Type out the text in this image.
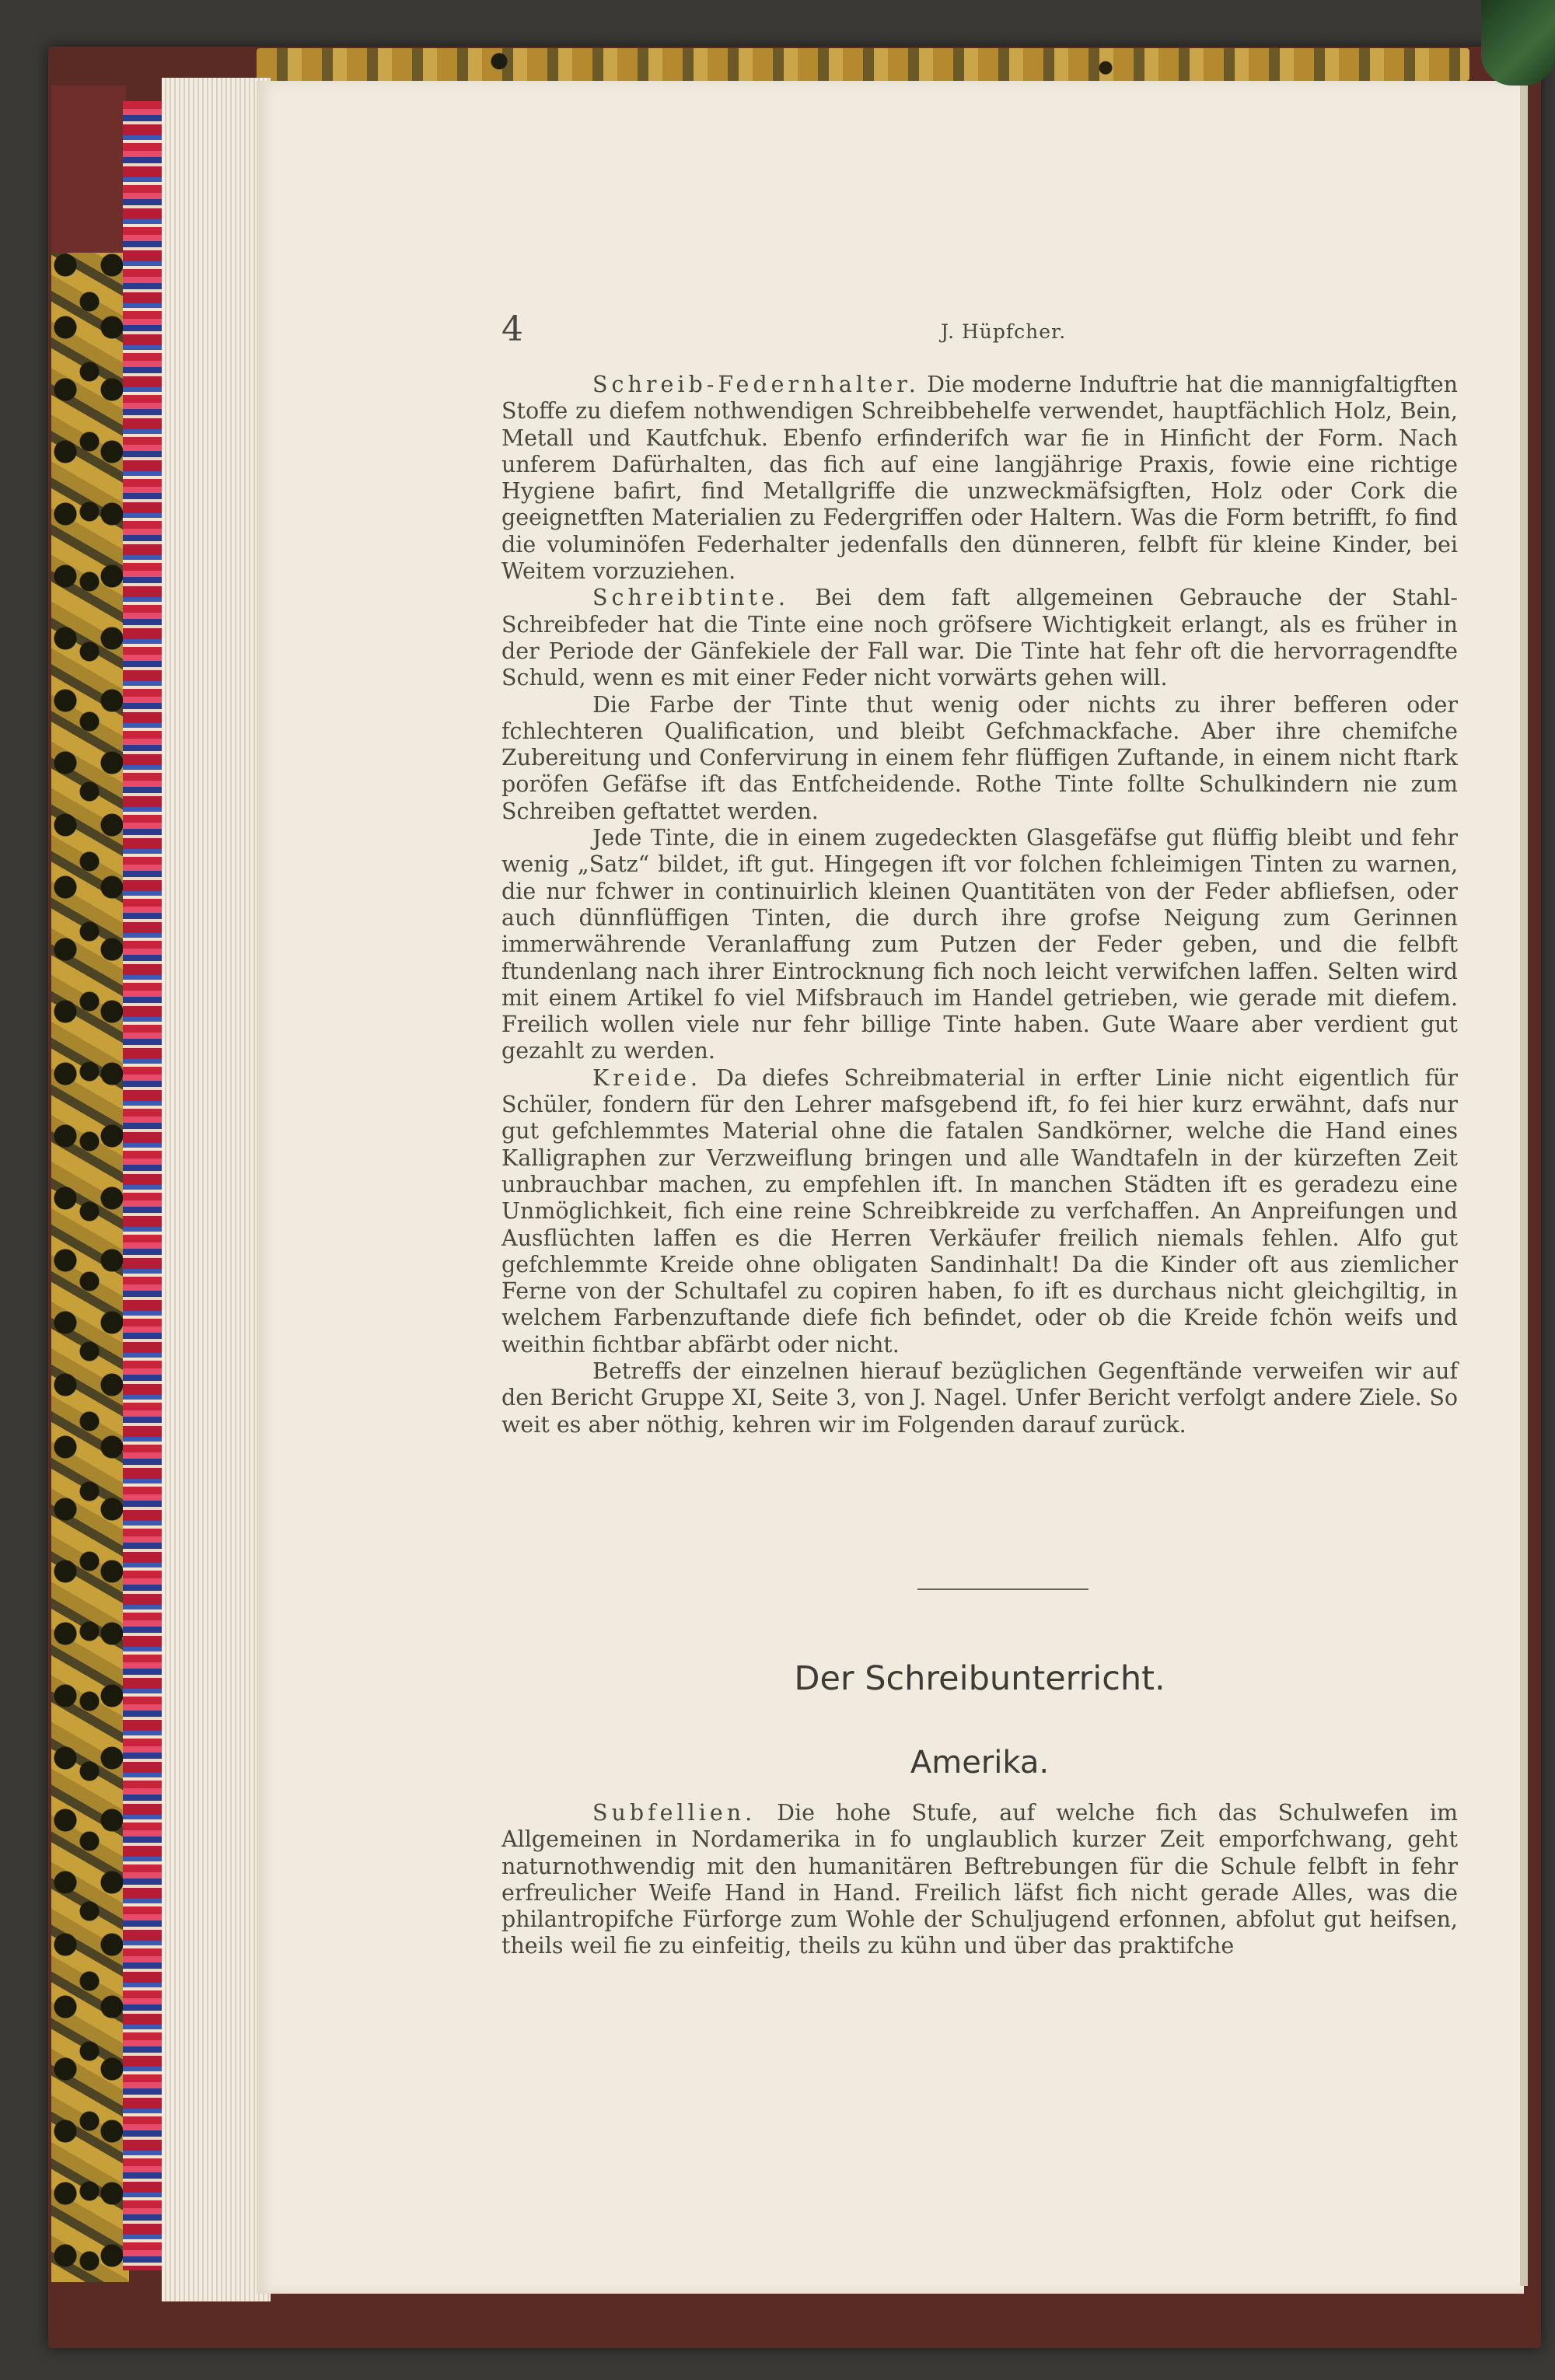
4	J. Hüpfcher.

Schreib-Federnhalter. Die moderne Induftrie hat die mannigfaltigften Stoffe zu diefem nothwendigen Schreibbehelfe verwendet, hauptfächlich Holz, Bein, Metall und Kautfchuk. Ebenfo erfinderifch war fie in Hinficht der Form. Nach unferem Dafürhalten, das fich auf eine langjährige Praxis, fowie eine richtige Hygiene bafirt, find Metallgriffe die unzweckmäfsigften, Holz oder Cork die geeignetften Materialien zu Federgriffen oder Haltern. Was die Form betrifft, fo find die voluminöfen Federhalter jedenfalls den dünneren, felbft für kleine Kinder, bei Weitem vorzuziehen.

Schreibtinte. Bei dem faft allgemeinen Gebrauche der Stahl-Schreibfeder hat die Tinte eine noch gröfsere Wichtigkeit erlangt, als es früher in der Periode der Gänfekiele der Fall war. Die Tinte hat fehr oft die hervorragendfte Schuld, wenn es mit einer Feder nicht vorwärts gehen will.

Die Farbe der Tinte thut wenig oder nichts zu ihrer befferen oder fchlechteren Qualification, und bleibt Gefchmackfache. Aber ihre chemifche Zubereitung und Confervirung in einem fehr flüffigen Zuftande, in einem nicht ftark poröfen Gefäfse ift das Entfcheidende. Rothe Tinte follte Schulkindern nie zum Schreiben geftattet werden.

Jede Tinte, die in einem zugedeckten Glasgefäfse gut flüffig bleibt und fehr wenig „Satz“ bildet, ift gut. Hingegen ift vor folchen fchleimigen Tinten zu warnen, die nur fchwer in continuirlich kleinen Quantitäten von der Feder abfliefsen, oder auch dünnflüffigen Tinten, die durch ihre grofse Neigung zum Gerinnen immerwährende Veranlaffung zum Putzen der Feder geben, und die felbft ftundenlang nach ihrer Eintrocknung fich noch leicht verwifchen laffen. Selten wird mit einem Artikel fo viel Mifsbrauch im Handel getrieben, wie gerade mit diefem. Freilich wollen viele nur fehr billige Tinte haben. Gute Waare aber verdient gut gezahlt zu werden.

Kreide. Da diefes Schreibmaterial in erfter Linie nicht eigentlich für Schüler, fondern für den Lehrer mafsgebend ift, fo fei hier kurz erwähnt, dafs nur gut gefchlemmtes Material ohne die fatalen Sandkörner, welche die Hand eines Kalligraphen zur Verzweiflung bringen und alle Wandtafeln in der kürzeften Zeit unbrauchbar machen, zu empfehlen ift. In manchen Städten ift es geradezu eine Unmöglichkeit, fich eine reine Schreibkreide zu verfchaffen. An Anpreifungen und Ausflüchten laffen es die Herren Verkäufer freilich niemals fehlen. Alfo gut gefchlemmte Kreide ohne obligaten Sandinhalt! Da die Kinder oft aus ziemlicher Ferne von der Schultafel zu copiren haben, fo ift es durchaus nicht gleichgiltig, in welchem Farbenzuftande diefe fich befindet, oder ob die Kreide fchön weifs und weithin fichtbar abfärbt oder nicht.

Betreffs der einzelnen hierauf bezüglichen Gegenftände verweifen wir auf den Bericht Gruppe XI, Seite 3, von J. Nagel. Unfer Bericht verfolgt andere Ziele. So weit es aber nöthig, kehren wir im Folgenden darauf zurück.

Der Schreibunterricht.
Amerika.

Subfellien. Die hohe Stufe, auf welche fich das Schulwefen im Allgemeinen in Nordamerika in fo unglaublich kurzer Zeit emporfchwang, geht naturnothwendig mit den humanitären Beftrebungen für die Schule felbft in fehr erfreulicher Weife Hand in Hand. Freilich läfst fich nicht gerade Alles, was die philantropifche Fürforge zum Wohle der Schuljugend erfonnen, abfolut gut heifsen, theils weil fie zu einfeitig, theils zu kühn und über das praktifche
